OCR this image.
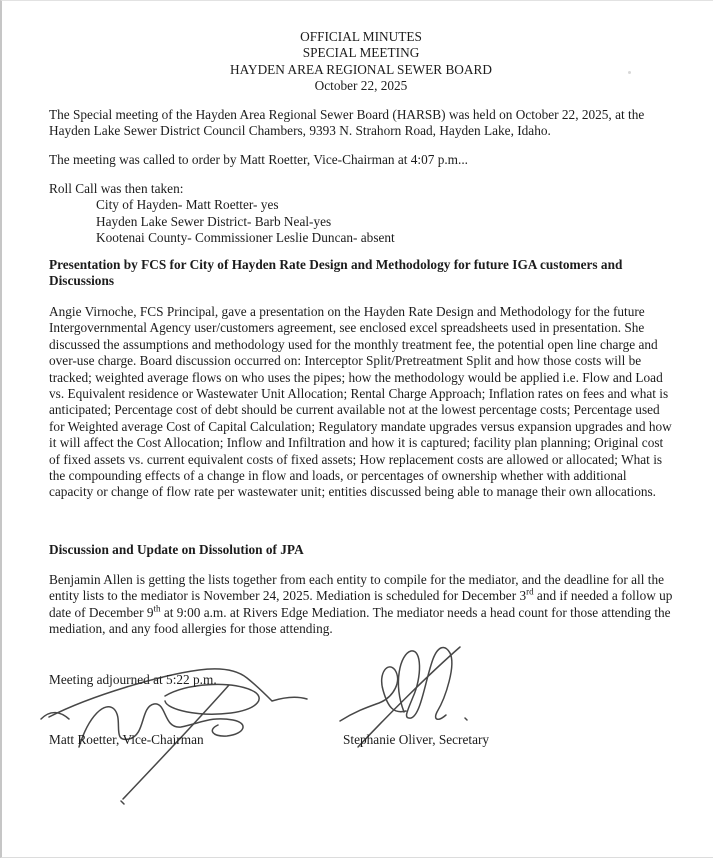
OFFICIAL MINUTES
SPECIAL MEETING
HAYDEN AREA REGIONAL SEWER BOARD
October 22, 2025
The Special meeting of the Hayden Area Regional Sewer Board (HARSB) was held on October 22, 2025, at the Hayden Lake Sewer District Council Chambers, 9393 N. Strahorn Road, Hayden Lake, Idaho.
The meeting was called to order by Matt Roetter, Vice-Chairman at 4:07 p.m...
Roll Call was then taken:
City of Hayden- Matt Roetter- yes
Hayden Lake Sewer District- Barb Neal-yes
Kootenai County- Commissioner Leslie Duncan- absent
Presentation by FCS for City of Hayden Rate Design and Methodology for future IGA customers and Discussions
Angie Virnoche, FCS Principal, gave a presentation on the Hayden Rate Design and Methodology for the future Intergovernmental Agency user/customers agreement, see enclosed excel spreadsheets used in presentation. She discussed the assumptions and methodology used for the monthly treatment fee, the potential open line charge and over-use charge. Board discussion occurred on: Interceptor Split/Pretreatment Split and how those costs will be tracked; weighted average flows on who uses the pipes; how the methodology would be applied i.e. Flow and Load vs. Equivalent residence or Wastewater Unit Allocation; Rental Charge Approach; Inflation rates on fees and what is anticipated; Percentage cost of debt should be current available not at the lowest percentage costs; Percentage used for Weighted average Cost of Capital Calculation; Regulatory mandate upgrades versus expansion upgrades and how it will affect the Cost Allocation; Inflow and Infiltration and how it is captured; facility plan planning; Original cost of fixed assets vs. current equivalent costs of fixed assets; How replacement costs are allowed or allocated; What is the compounding effects of a change in flow and loads, or percentages of ownership whether with additional capacity or change of flow rate per wastewater unit; entities discussed being able to manage their own allocations.
Discussion and Update on Dissolution of JPA
Benjamin Allen is getting the lists together from each entity to compile for the mediator, and the deadline for all the entity lists to the mediator is November 24, 2025. Mediation is scheduled for December 3rd and if needed a follow up date of December 9th at 9:00 a.m. at Rivers Edge Mediation. The mediator needs a head count for those attending the mediation, and any food allergies for those attending.
Meeting adjourned at 5:22 p.m.
Matt Roetter, Vice-Chairman	Stephanie Oliver, Secretary
